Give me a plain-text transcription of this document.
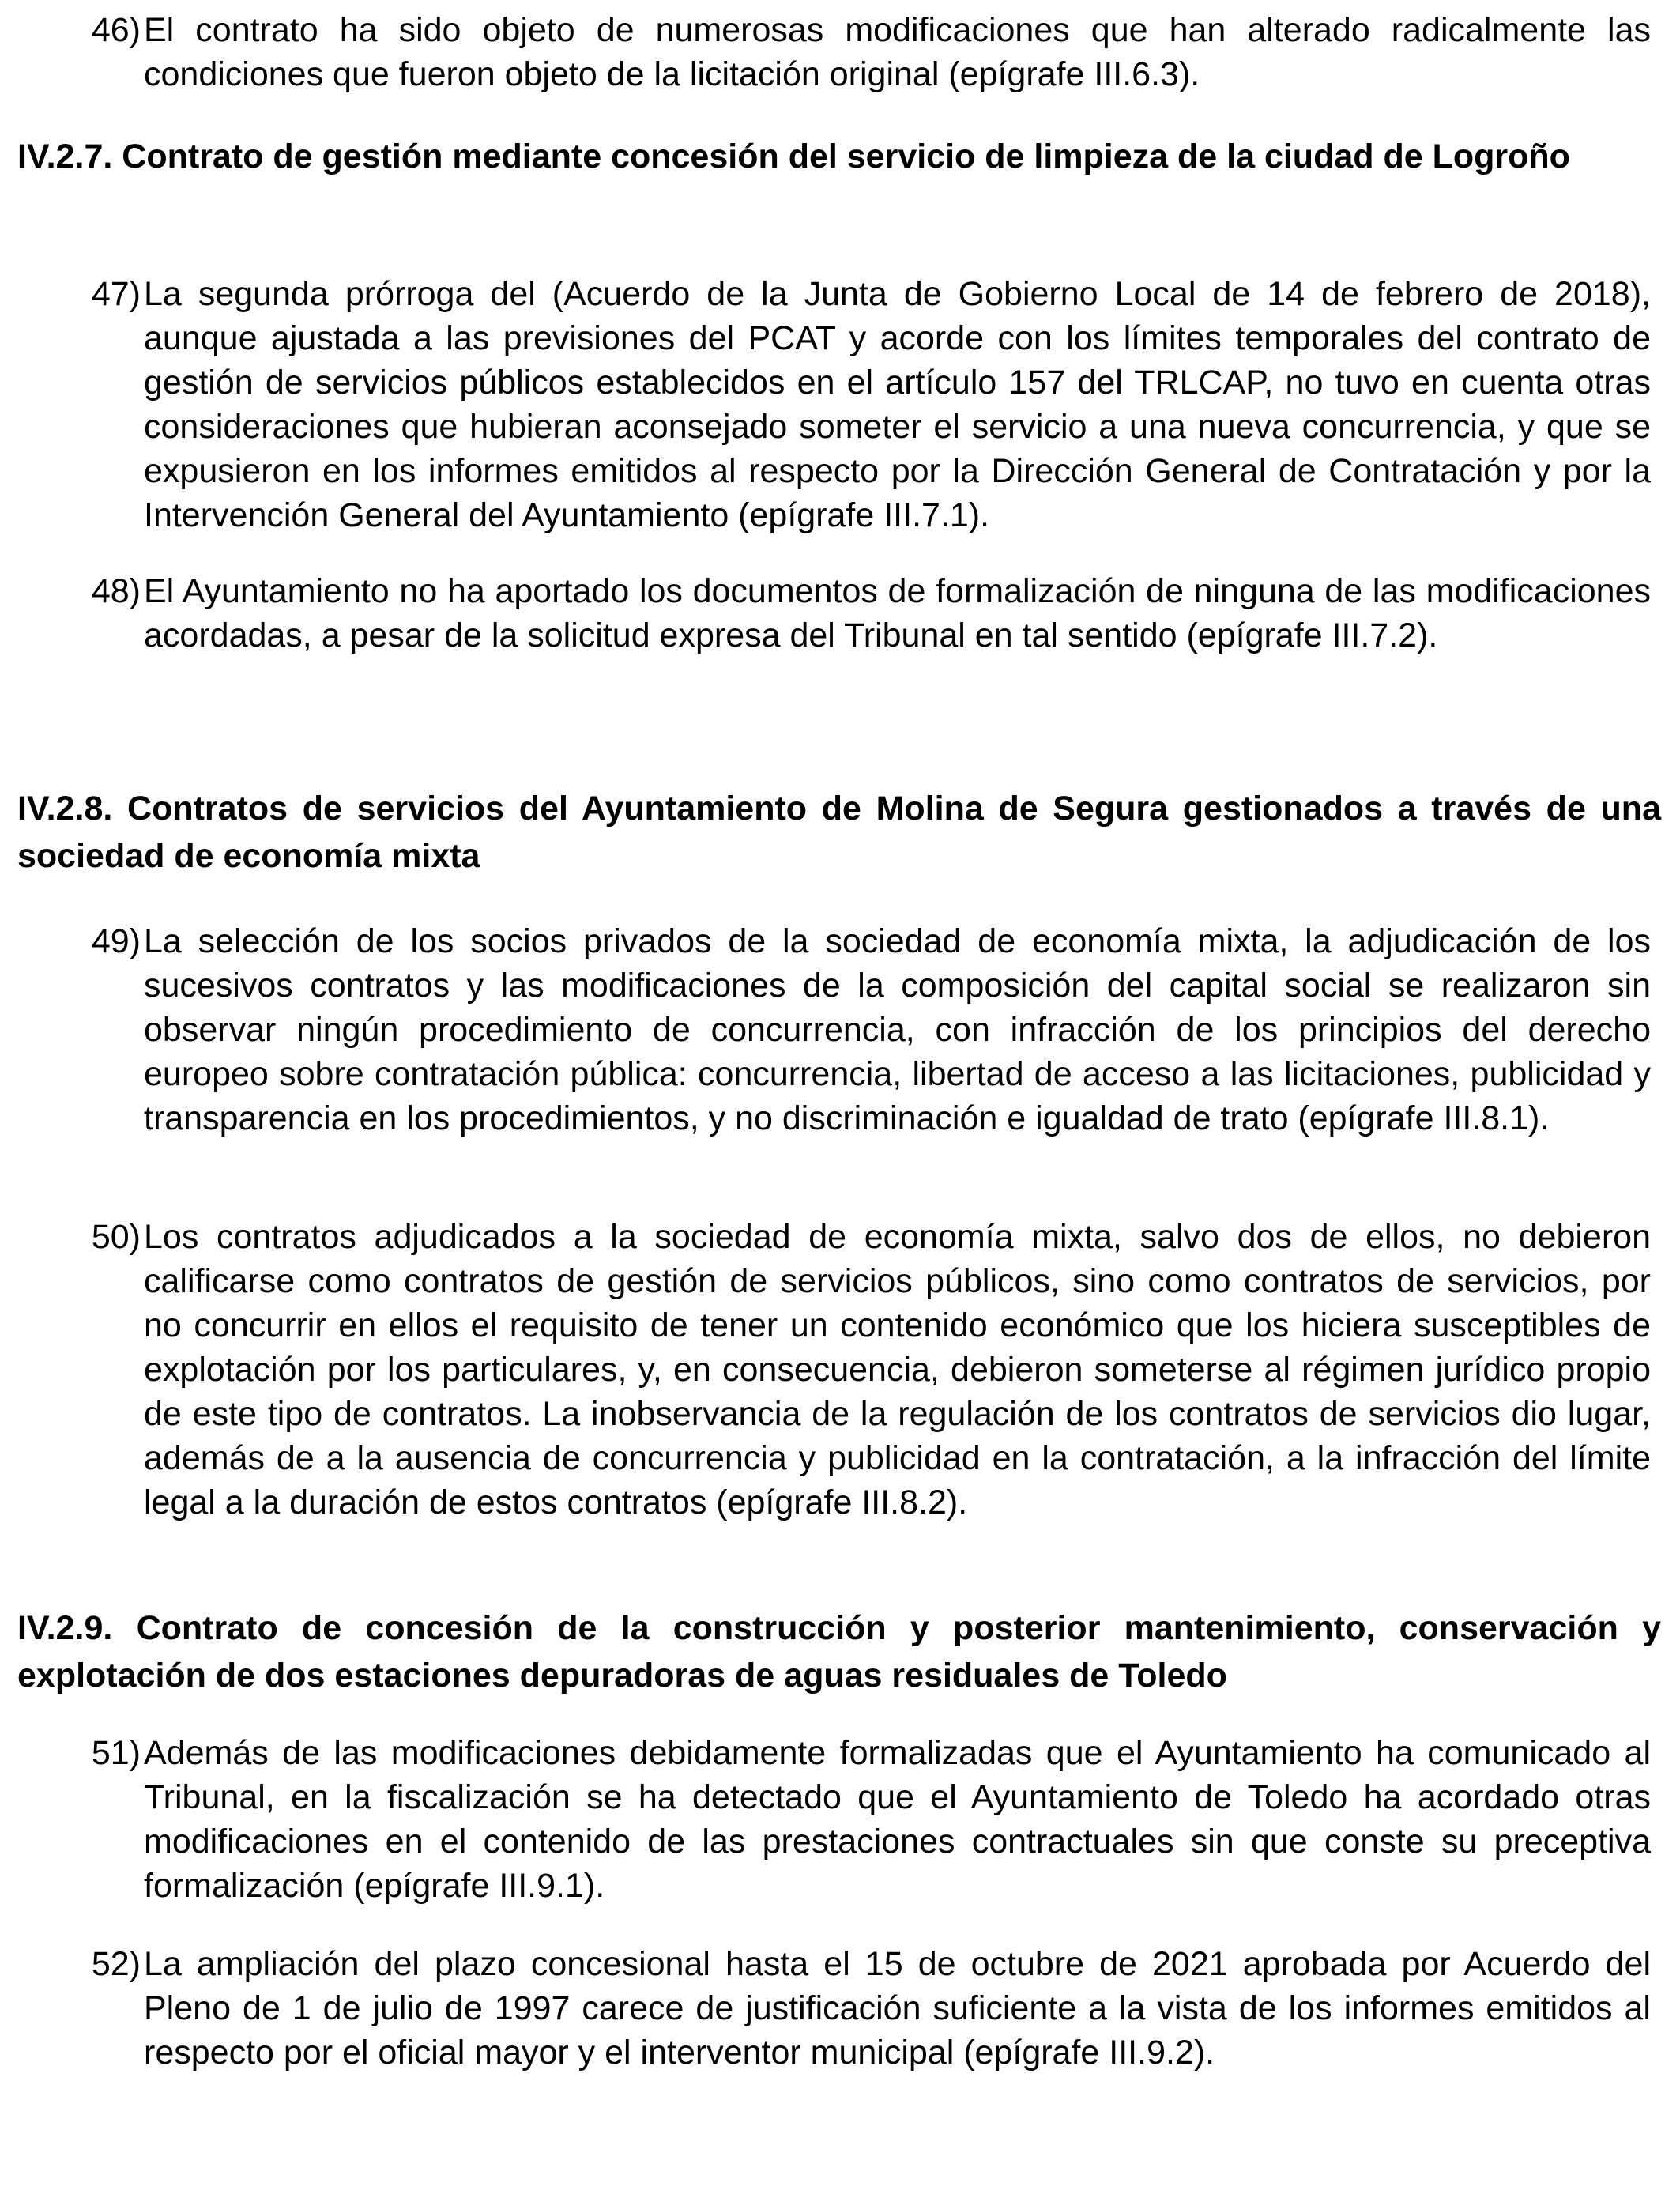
46) El contrato ha sido objeto de numerosas modificaciones que han alterado radicalmente las condiciones que fueron objeto de la licitación original (epígrafe III.6.3).
IV.2.7. Contrato de gestión mediante concesión del servicio de limpieza de la ciudad de Logroño
47) La segunda prórroga del (Acuerdo de la Junta de Gobierno Local de 14 de febrero de 2018), aunque ajustada a las previsiones del PCAT y acorde con los límites temporales del contrato de gestión de servicios públicos establecidos en el artículo 157 del TRLCAP, no tuvo en cuenta otras consideraciones que hubieran aconsejado someter el servicio a una nueva concurrencia, y que se expusieron en los informes emitidos al respecto por la Dirección General de Contratación y por la Intervención General del Ayuntamiento (epígrafe III.7.1).
48) El Ayuntamiento no ha aportado los documentos de formalización de ninguna de las modificaciones acordadas, a pesar de la solicitud expresa del Tribunal en tal sentido (epígrafe III.7.2).
IV.2.8. Contratos de servicios del Ayuntamiento de Molina de Segura gestionados a través de una sociedad de economía mixta
49) La selección de los socios privados de la sociedad de economía mixta, la adjudicación de los sucesivos contratos y las modificaciones de la composición del capital social se realizaron sin observar ningún procedimiento de concurrencia, con infracción de los principios del derecho europeo sobre contratación pública: concurrencia, libertad de acceso a las licitaciones, publicidad y transparencia en los procedimientos, y no discriminación e igualdad de trato (epígrafe III.8.1).
50) Los contratos adjudicados a la sociedad de economía mixta, salvo dos de ellos, no debieron calificarse como contratos de gestión de servicios públicos, sino como contratos de servicios, por no concurrir en ellos el requisito de tener un contenido económico que los hiciera susceptibles de explotación por los particulares, y, en consecuencia, debieron someterse al régimen jurídico propio de este tipo de contratos. La inobservancia de la regulación de los contratos de servicios dio lugar, además de a la ausencia de concurrencia y publicidad en la contratación, a la infracción del límite legal a la duración de estos contratos (epígrafe III.8.2).
IV.2.9. Contrato de concesión de la construcción y posterior mantenimiento, conservación y explotación de dos estaciones depuradoras de aguas residuales de Toledo
51) Además de las modificaciones debidamente formalizadas que el Ayuntamiento ha comunicado al Tribunal, en la fiscalización se ha detectado que el Ayuntamiento de Toledo ha acordado otras modificaciones en el contenido de las prestaciones contractuales sin que conste su preceptiva formalización (epígrafe III.9.1).
52) La ampliación del plazo concesional hasta el 15 de octubre de 2021 aprobada por Acuerdo del Pleno de 1 de julio de 1997 carece de justificación suficiente a la vista de los informes emitidos al respecto por el oficial mayor y el interventor municipal (epígrafe III.9.2).
